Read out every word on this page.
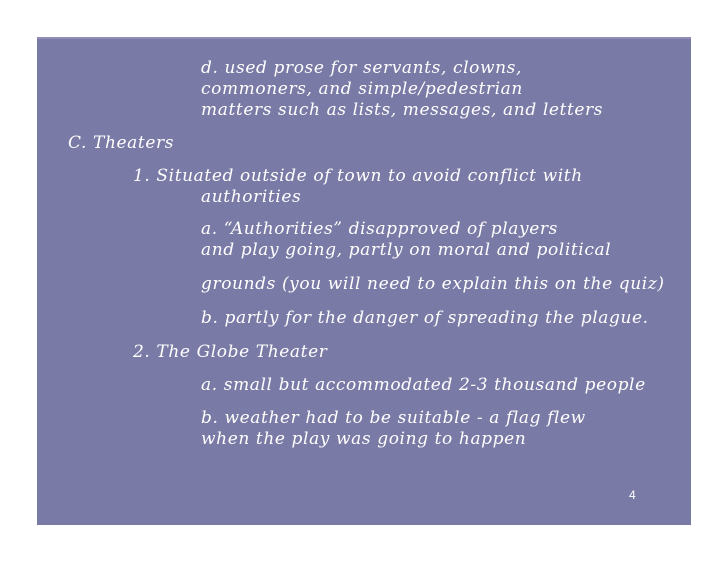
d. used prose for servants, clowns,
commoners, and simple/pedestrian
matters such as lists, messages, and letters
C. Theaters
1. Situated outside of town to avoid conflict with
authorities
a. “Authorities” disapproved of players
and play going, partly on moral and political
grounds (you will need to explain this on the quiz)
b. partly for the danger of spreading the plague.
2. The Globe Theater
a. small but accommodated 2-3 thousand people
b. weather had to be suitable - a flag flew
when the play was going to happen
4
